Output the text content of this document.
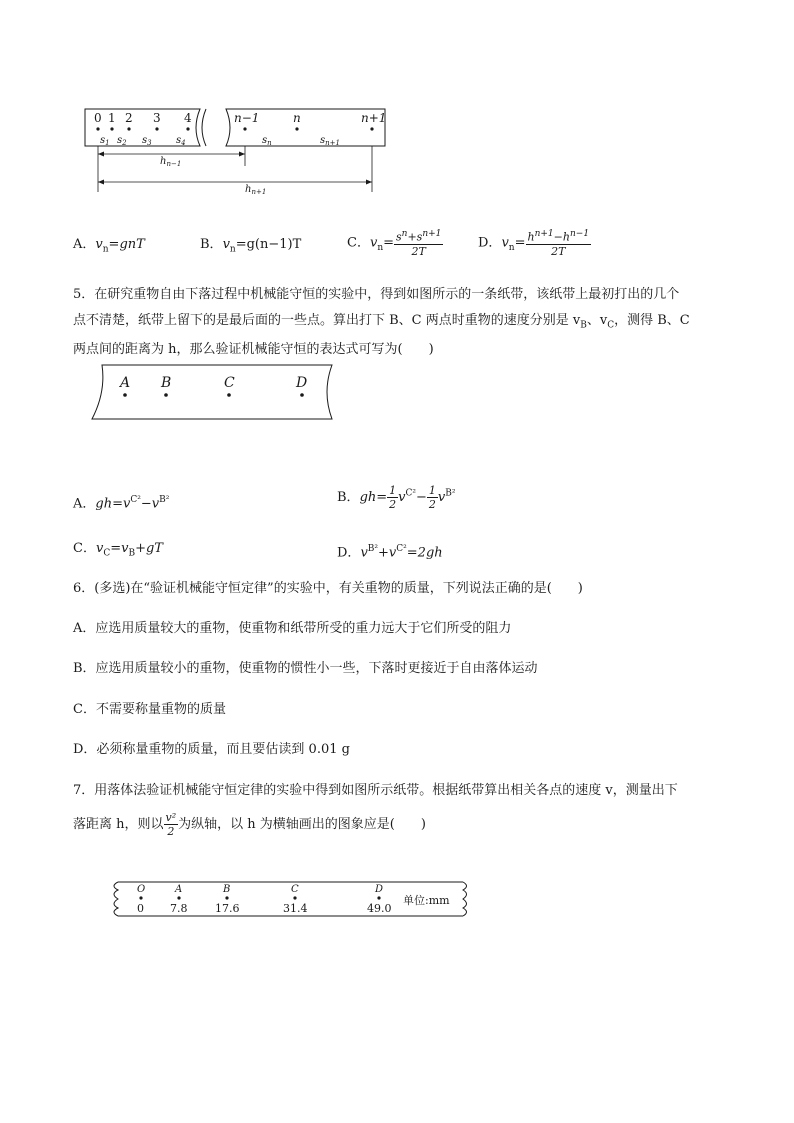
0 1 2 3 4	n−1	n	n+1
$s_1$ $s_2$ $s_3$ $s_4$	$s_n$	$s_{n+1}$
$h_{n-1}$
$h_{n+1}$
A．$v_n=gnT$	B．$v_n=g(n-1)T$	C．$v_n= \frac{s^n+s^{n+1}}{2T}$	D．$v_n= \frac{h^{n+1}-h^{n-1}}{2T}$
5．在研究重物自由下落过程中机械能守恒的实验中，得到如图所示的一条纸带，该纸带上最初打出的几个
点不清楚，纸带上留下的是最后面的一些点。算出打下 B、C 两点时重物的速度分别是 $v_B$、$v_C$，测得 B、C
两点间的距离为 h，那么验证机械能守恒的表达式可写为(　　)
A B	C	D
A．$gh=v^{C^2}-v^{B^2}$	B．$gh= \frac{1}{2} v^{C^2}- \frac{1}{2} v^{B^2}$
C．$v_C=v_B+gT$	D．$v^{B^2}+v^{C^2}=2gh$
6．(多选)在“验证机械能守恒定律”的实验中，有关重物的质量，下列说法正确的是(　　)
A．应选用质量较大的重物，使重物和纸带所受的重力远大于它们所受的阻力
B．应选用质量较小的重物，使重物的惯性小一些，下落时更接近于自由落体运动
C．不需要称量重物的质量
D．必须称量重物的质量，而且要估读到 0.01 g
7．用落体法验证机械能守恒定律的实验中得到如图所示纸带。根据纸带算出相关各点的速度 v，测量出下
落距离 h，则以 $\frac{\text{v²}}{2}$ 为纵轴，以 h 为横轴画出的图象应是(　　)
O	A	B	C	D
0 7.8	17.6	31.4	49.0
单位:mm
